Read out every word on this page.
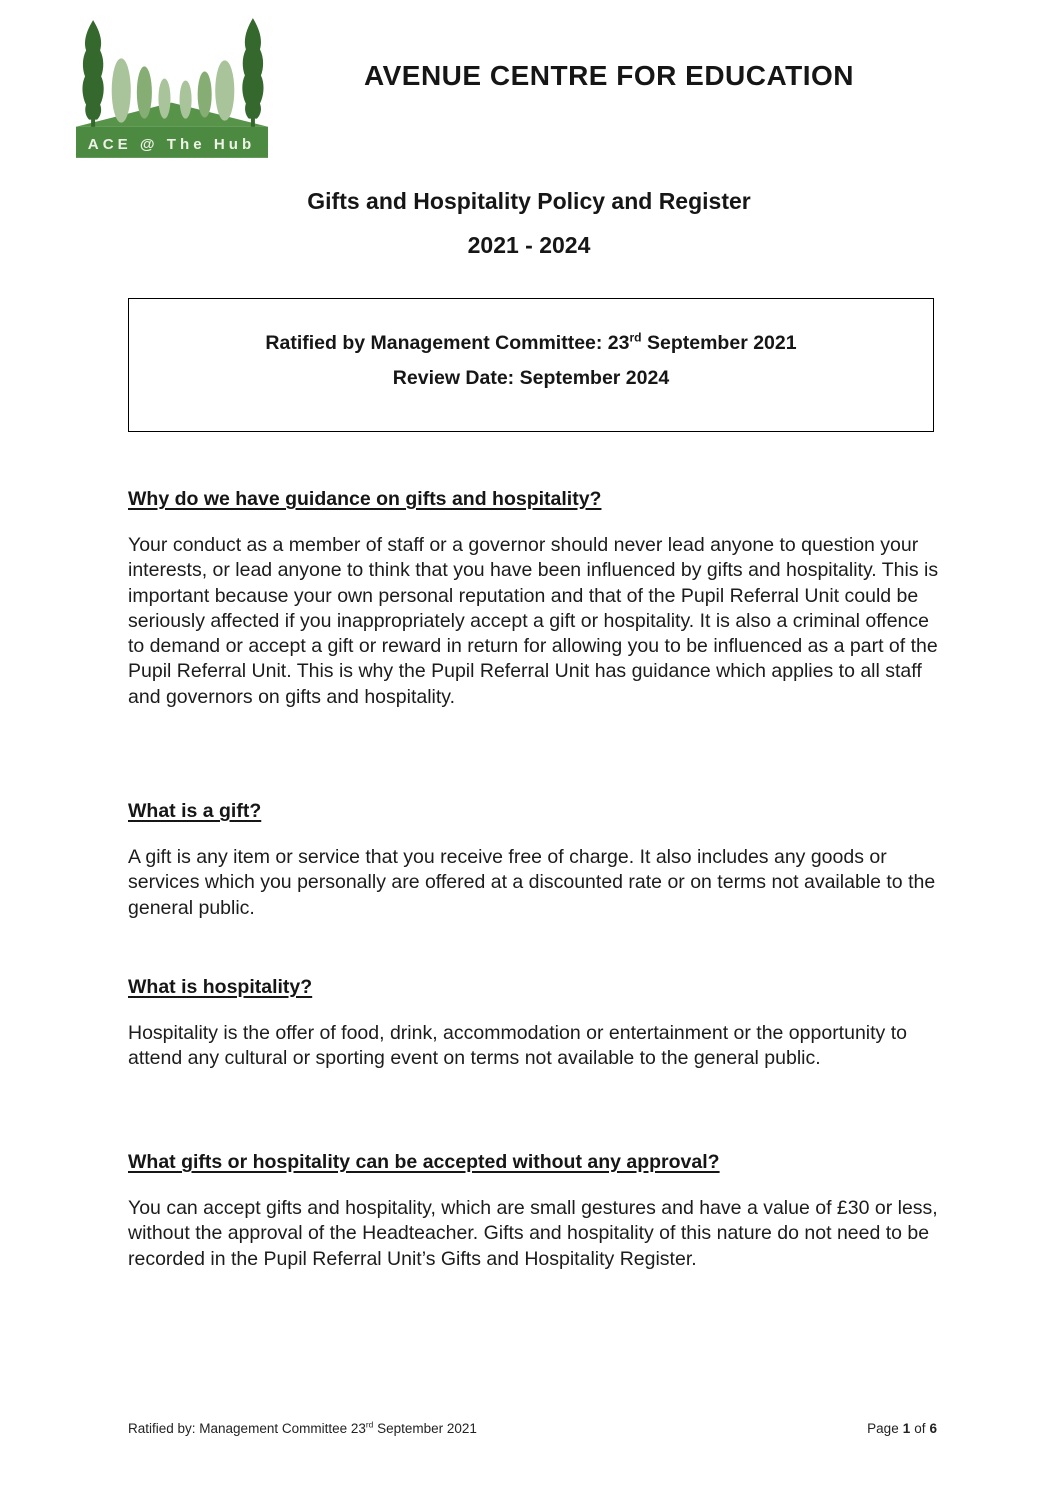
ACE @ The Hub
AVENUE CENTRE FOR EDUCATION
Gifts and Hospitality Policy and Register
2021 - 2024

Ratified by Management Committee: 23rd September 2021

Review Date: September 2024

Why do we have guidance on gifts and hospitality?

Your conduct as a member of staff or a governor should never lead anyone to question your interests, or lead anyone to think that you have been influenced by gifts and hospitality. This is important because your own personal reputation and that of the Pupil Referral Unit could be seriously affected if you inappropriately accept a gift or hospitality. It is also a criminal offence to demand or accept a gift or reward in return for allowing you to be influenced as a part of the Pupil Referral Unit. This is why the Pupil Referral Unit has guidance which applies to all staff and governors on gifts and hospitality.

What is a gift?

A gift is any item or service that you receive free of charge. It also includes any goods or services which you personally are offered at a discounted rate or on terms not available to the general public.

What is hospitality?

Hospitality is the offer of food, drink, accommodation or entertainment or the opportunity to attend any cultural or sporting event on terms not available to the general public.

What gifts or hospitality can be accepted without any approval?

You can accept gifts and hospitality, which are small gestures and have a value of £30 or less, without the approval of the Headteacher. Gifts and hospitality of this nature do not need to be recorded in the Pupil Referral Unit’s Gifts and Hospitality Register.

Ratified by: Management Committee 23rd September 2021	Page 1 of 6
